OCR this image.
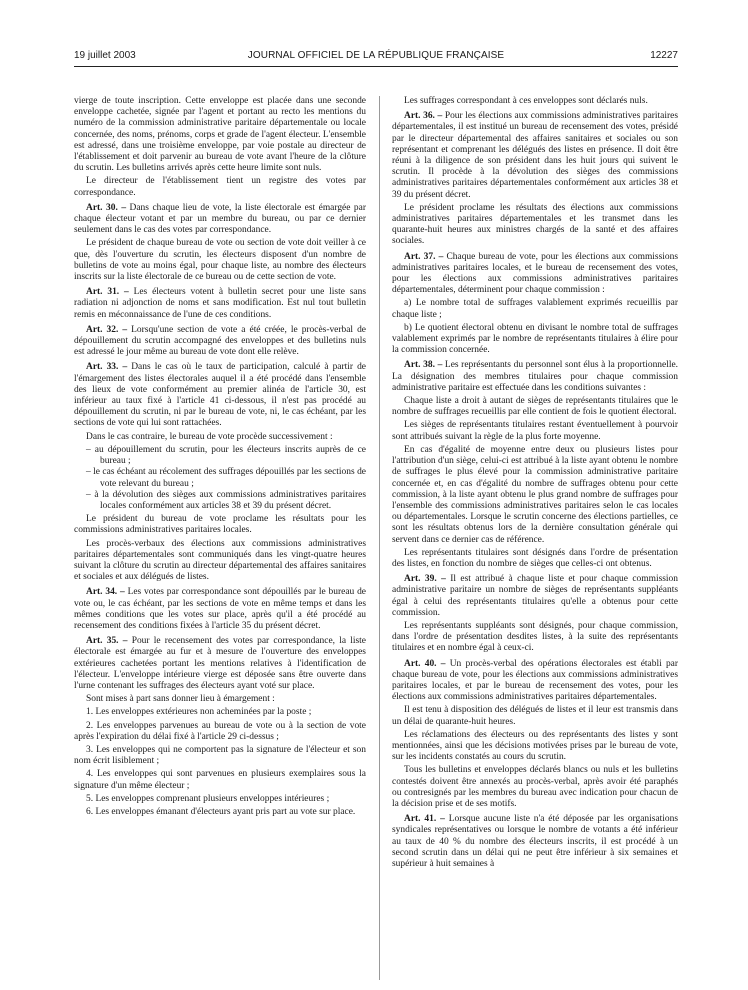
19 juillet 2003	JOURNAL OFFICIEL DE LA RÉPUBLIQUE FRANÇAISE	12227

vierge de toute inscription. Cette enveloppe est placée dans une seconde enveloppe cachetée, signée par l'agent et portant au recto les mentions du numéro de la commission administrative paritaire départementale ou locale concernée, des noms, prénoms, corps et grade de l'agent électeur. L'ensemble est adressé, dans une troisième enveloppe, par voie postale au directeur de l'établissement et doit parvenir au bureau de vote avant l'heure de la clôture du scrutin. Les bulletins arrivés après cette heure limite sont nuls.

Le directeur de l'établissement tient un registre des votes par correspondance.

Art. 30. – Dans chaque lieu de vote, la liste électorale est émargée par chaque électeur votant et par un membre du bureau, ou par ce dernier seulement dans le cas des votes par correspondance.

Le président de chaque bureau de vote ou section de vote doit veiller à ce que, dès l'ouverture du scrutin, les électeurs disposent d'un nombre de bulletins de vote au moins égal, pour chaque liste, au nombre des électeurs inscrits sur la liste électorale de ce bureau ou de cette section de vote.

Art. 31. – Les électeurs votent à bulletin secret pour une liste sans radiation ni adjonction de noms et sans modification. Est nul tout bulletin remis en méconnaissance de l'une de ces conditions.

Art. 32. – Lorsqu'une section de vote a été créée, le procès-verbal de dépouillement du scrutin accompagné des enveloppes et des bulletins nuls est adressé le jour même au bureau de vote dont elle relève.

Art. 33. – Dans le cas où le taux de participation, calculé à partir de l'émargement des listes électorales auquel il a été procédé dans l'ensemble des lieux de vote conformément au premier alinéa de l'article 30, est inférieur au taux fixé à l'article 41 ci-dessous, il n'est pas procédé au dépouillement du scrutin, ni par le bureau de vote, ni, le cas échéant, par les sections de vote qui lui sont rattachées.

Dans le cas contraire, le bureau de vote procède successivement :

– au dépouillement du scrutin, pour les électeurs inscrits auprès de ce bureau ;
– le cas échéant au récolement des suffrages dépouillés par les sections de vote relevant du bureau ;
– à la dévolution des sièges aux commissions administratives paritaires locales conformément aux articles 38 et 39 du présent décret.

Le président du bureau de vote proclame les résultats pour les commissions administratives paritaires locales.

Les procès-verbaux des élections aux commissions administratives paritaires départementales sont communiqués dans les vingt-quatre heures suivant la clôture du scrutin au directeur départemental des affaires sanitaires et sociales et aux délégués de listes.

Art. 34. – Les votes par correspondance sont dépouillés par le bureau de vote ou, le cas échéant, par les sections de vote en même temps et dans les mêmes conditions que les votes sur place, après qu'il a été procédé au recensement des conditions fixées à l'article 35 du présent décret.

Art. 35. – Pour le recensement des votes par correspondance, la liste électorale est émargée au fur et à mesure de l'ouverture des enveloppes extérieures cachetées portant les mentions relatives à l'identification de l'électeur. L'enveloppe intérieure vierge est déposée sans être ouverte dans l'urne contenant les suffrages des électeurs ayant voté sur place.

Sont mises à part sans donner lieu à émargement :

1. Les enveloppes extérieures non acheminées par la poste ;

2. Les enveloppes parvenues au bureau de vote ou à la section de vote après l'expiration du délai fixé à l'article 29 ci-dessus ;

3. Les enveloppes qui ne comportent pas la signature de l'électeur et son nom écrit lisiblement ;

4. Les enveloppes qui sont parvenues en plusieurs exemplaires sous la signature d'un même électeur ;

5. Les enveloppes comprenant plusieurs enveloppes intérieures ;

6. Les enveloppes émanant d'électeurs ayant pris part au vote sur place.

Les suffrages correspondant à ces enveloppes sont déclarés nuls.

Art. 36. – Pour les élections aux commissions administratives paritaires départementales, il est institué un bureau de recensement des votes, présidé par le directeur départemental des affaires sanitaires et sociales ou son représentant et comprenant les délégués des listes en présence. Il doit être réuni à la diligence de son président dans les huit jours qui suivent le scrutin. Il procède à la dévolution des sièges des commissions administratives paritaires départementales conformément aux articles 38 et 39 du présent décret.

Le président proclame les résultats des élections aux commissions administratives paritaires départementales et les transmet dans les quarante-huit heures aux ministres chargés de la santé et des affaires sociales.

Art. 37. – Chaque bureau de vote, pour les élections aux commissions administratives paritaires locales, et le bureau de recensement des votes, pour les élections aux commissions administratives paritaires départementales, déterminent pour chaque commission :

a) Le nombre total de suffrages valablement exprimés recueillis par chaque liste ;

b) Le quotient électoral obtenu en divisant le nombre total de suffrages valablement exprimés par le nombre de représentants titulaires à élire pour la commission concernée.

Art. 38. – Les représentants du personnel sont élus à la proportionnelle. La désignation des membres titulaires pour chaque commission administrative paritaire est effectuée dans les conditions suivantes :

Chaque liste a droit à autant de sièges de représentants titulaires que le nombre de suffrages recueillis par elle contient de fois le quotient électoral.

Les sièges de représentants titulaires restant éventuellement à pourvoir sont attribués suivant la règle de la plus forte moyenne.

En cas d'égalité de moyenne entre deux ou plusieurs listes pour l'attribution d'un siège, celui-ci est attribué à la liste ayant obtenu le nombre de suffrages le plus élevé pour la commission administrative paritaire concernée et, en cas d'égalité du nombre de suffrages obtenu pour cette commission, à la liste ayant obtenu le plus grand nombre de suffrages pour l'ensemble des commissions administratives paritaires selon le cas locales ou départementales. Lorsque le scrutin concerne des élections partielles, ce sont les résultats obtenus lors de la dernière consultation générale qui servent dans ce dernier cas de référence.

Les représentants titulaires sont désignés dans l'ordre de présentation des listes, en fonction du nombre de sièges que celles-ci ont obtenus.

Art. 39. – Il est attribué à chaque liste et pour chaque commission administrative paritaire un nombre de sièges de représentants suppléants égal à celui des représentants titulaires qu'elle a obtenus pour cette commission.

Les représentants suppléants sont désignés, pour chaque commission, dans l'ordre de présentation desdites listes, à la suite des représentants titulaires et en nombre égal à ceux-ci.

Art. 40. – Un procès-verbal des opérations électorales est établi par chaque bureau de vote, pour les élections aux commissions administratives paritaires locales, et par le bureau de recensement des votes, pour les élections aux commissions administratives paritaires départementales.

Il est tenu à disposition des délégués de listes et il leur est transmis dans un délai de quarante-huit heures.

Les réclamations des électeurs ou des représentants des listes y sont mentionnées, ainsi que les décisions motivées prises par le bureau de vote, sur les incidents constatés au cours du scrutin.

Tous les bulletins et enveloppes déclarés blancs ou nuls et les bulletins contestés doivent être annexés au procès-verbal, après avoir été paraphés ou contresignés par les membres du bureau avec indication pour chacun de la décision prise et de ses motifs.

Art. 41. – Lorsque aucune liste n'a été déposée par les organisations syndicales représentatives ou lorsque le nombre de votants a été inférieur au taux de 40 % du nombre des électeurs inscrits, il est procédé à un second scrutin dans un délai qui ne peut être inférieur à six semaines et supérieur à huit semaines à
